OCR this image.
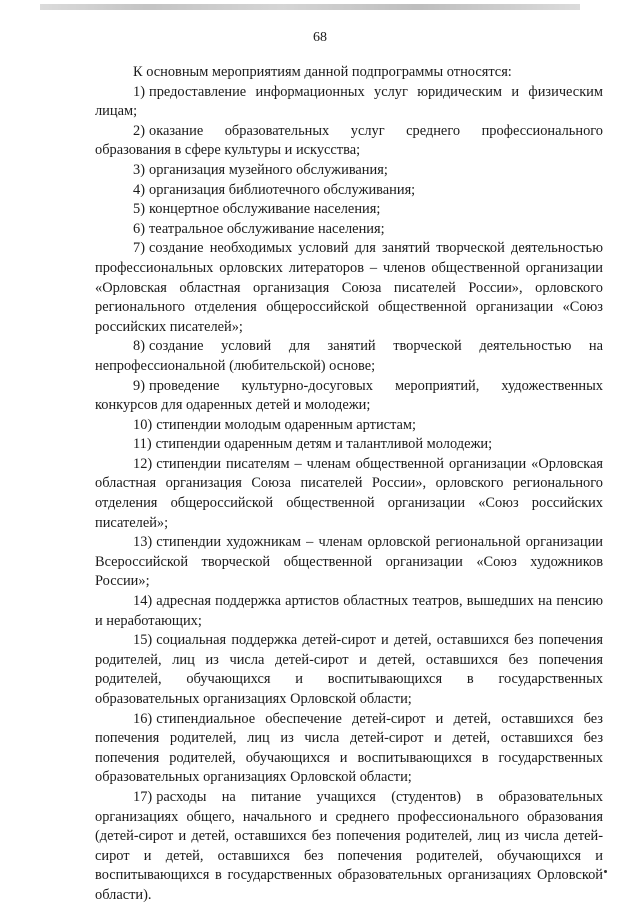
68

К основным мероприятиям данной подпрограммы относятся:

1) предоставление информационных услуг юридическим и физическим лицам;

2) оказание образовательных услуг среднего профессионального образования в сфере культуры и искусства;

3) организация музейного обслуживания;

4) организация библиотечного обслуживания;

5) концертное обслуживание населения;

6) театральное обслуживание населения;

7) создание необходимых условий для занятий творческой деятельностью профессиональных орловских литераторов – членов общественной организации «Орловская областная организация Союза писателей России», орловского регионального отделения общероссийской общественной организации «Союз российских писателей»;

8) создание условий для занятий творческой деятельностью на непрофессиональной (любительской) основе;

9) проведение культурно-досуговых мероприятий, художественных конкурсов для одаренных детей и молодежи;

10) стипендии молодым одаренным артистам;

11) стипендии одаренным детям и талантливой молодежи;

12) стипендии писателям – членам общественной организации «Орловская областная организация Союза писателей России», орловского регионального отделения общероссийской общественной организации «Союз российских писателей»;

13) стипендии художникам – членам орловской региональной организации Всероссийской творческой общественной организации «Союз художников России»;

14) адресная поддержка артистов областных театров, вышедших на пенсию и неработающих;

15) социальная поддержка детей-сирот и детей, оставшихся без попечения родителей, лиц из числа детей-сирот и детей, оставшихся без попечения родителей, обучающихся и воспитывающихся в государственных образовательных организациях Орловской области;

16) стипендиальное обеспечение детей-сирот и детей, оставшихся без попечения родителей, лиц из числа детей-сирот и детей, оставшихся без попечения родителей, обучающихся и воспитывающихся в государственных образовательных организациях Орловской области;

17) расходы на питание учащихся (студентов) в образовательных организациях общего, начального и среднего профессионального образования (детей-сирот и детей, оставшихся без попечения родителей, лиц из числа детей-сирот и детей, оставшихся без попечения родителей, обучающихся и воспитывающихся в государственных образовательных организациях Орловской области).
